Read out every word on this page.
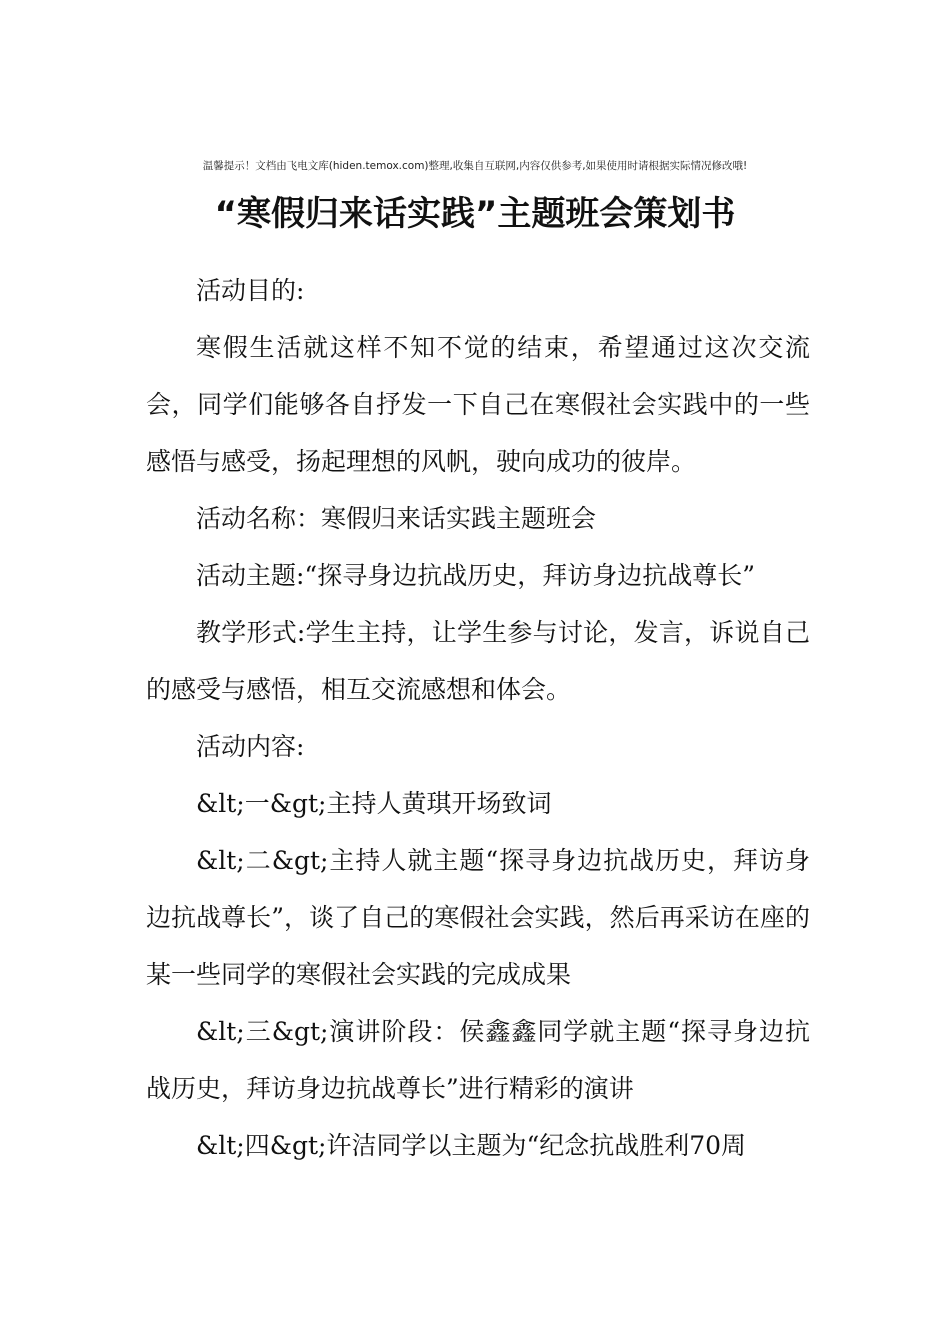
温馨提示！文档由飞电文库(hiden.temox.com)整理,收集自互联网,内容仅供参考,如果使用时请根据实际情况修改哦!
“寒假归来话实践”主题班会策划书

活动目的:

寒假生活就这样不知不觉的结束，希望通过这次交流会，同学们能够各自抒发一下自己在寒假社会实践中的一些感悟与感受，扬起理想的风帆，驶向成功的彼岸。

活动名称：寒假归来话实践主题班会

活动主题:“探寻身边抗战历史，拜访身边抗战尊长”

教学形式:学生主持，让学生参与讨论，发言，诉说自己的感受与感悟，相互交流感想和体会。

活动内容:

&lt;一&gt;主持人黄琪开场致词

&lt;二&gt;主持人就主题“探寻身边抗战历史，拜访身边抗战尊长”，谈了自己的寒假社会实践，然后再采访在座的某一些同学的寒假社会实践的完成成果

&lt;三&gt;演讲阶段：侯鑫鑫同学就主题“探寻身边抗战历史，拜访身边抗战尊长”进行精彩的演讲

&lt;四&gt;许洁同学以主题为“纪念抗战胜利70周
